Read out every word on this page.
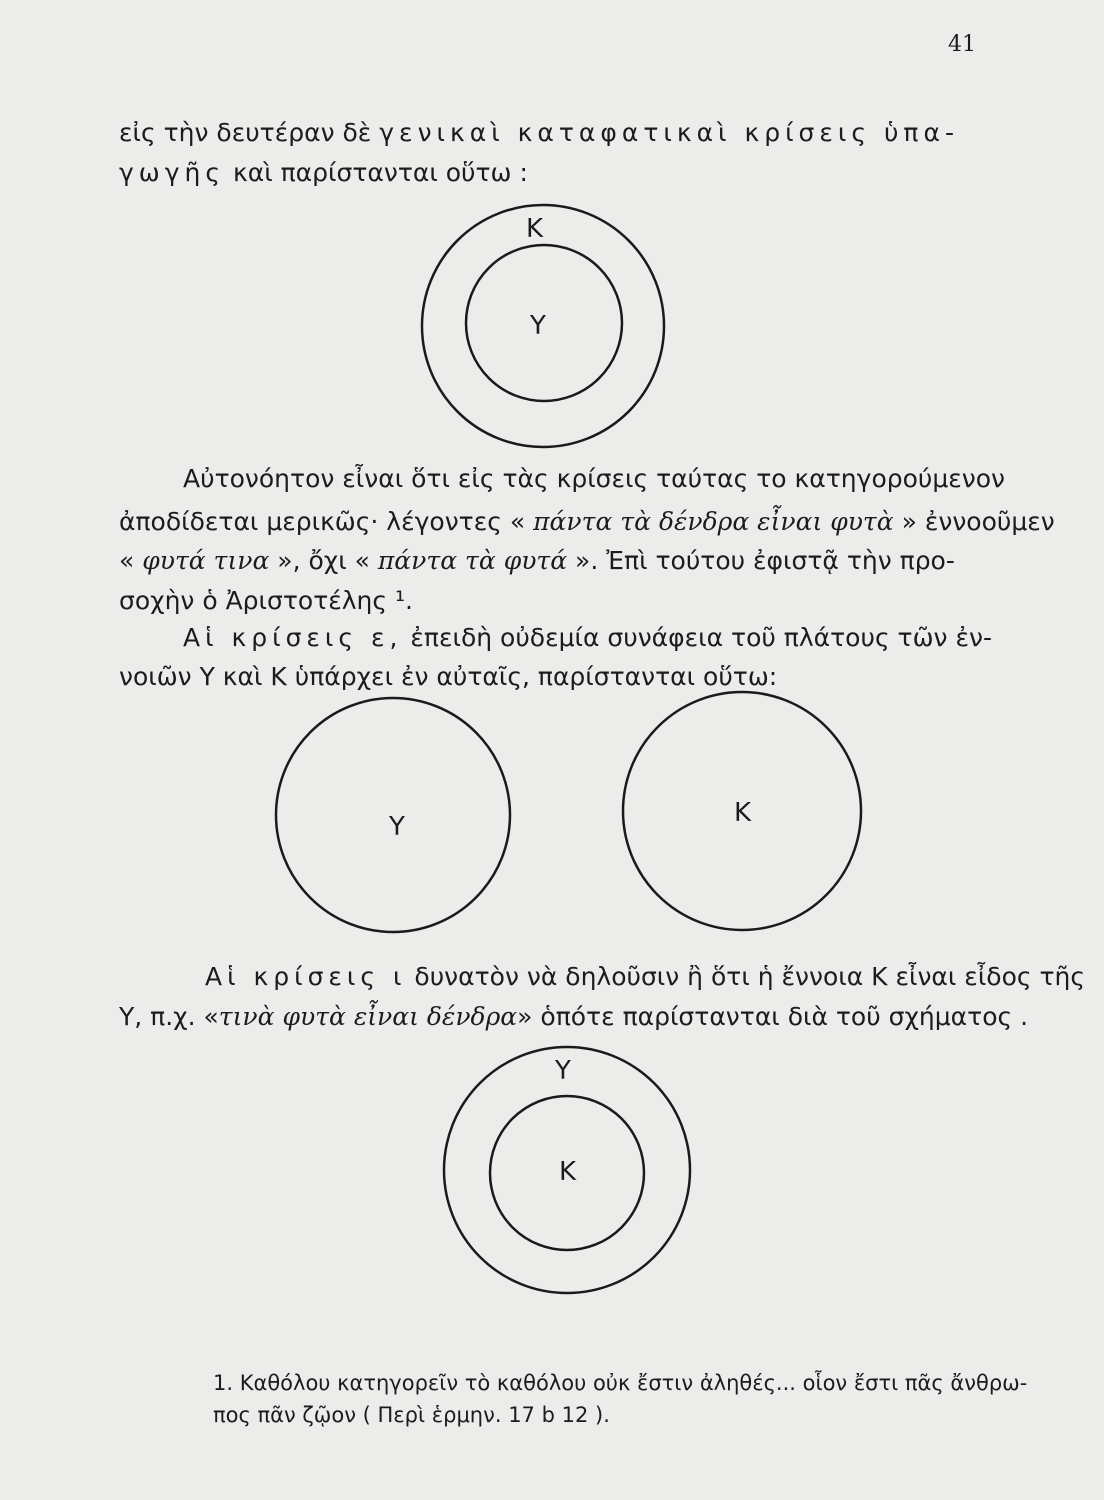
41
εἰς τὴν δευτέραν δὲ γενικαὶ καταφατικαὶ κρίσεις ὑπα-
γωγῆς καὶ παρίστανται οὕτω :
Αὐτονόητον εἶναι ὅτι εἰς τὰς κρίσεις ταύτας το κατηγορούμενον
ἀποδίδεται μερικῶς· λέγοντες « πάντα τὰ δένδρα εἶναι φυτὰ » ἐννοοῦμεν
« φυτά τινα », ὄχι « πάντα τὰ φυτά ». Ἐπὶ τούτου ἐφιστᾷ τὴν προ-
σοχὴν ὁ Ἀριστοτέλης ¹.
Αἱ κρίσεις ε, ἐπειδὴ οὐδεμία συνάφεια τοῦ πλάτους τῶν ἐν-
νοιῶν Υ καὶ Κ ὑπάρχει ἐν αὐταῖς, παρίστανται οὕτω:
Αἱ κρίσεις ι δυνατὸν νὰ δηλοῦσιν ἢ ὅτι ἡ ἔννοια Κ εἶναι εἶδος τῆς
Υ, π.χ. «τινὰ φυτὰ εἶναι δένδρα» ὁπότε παρίστανται διὰ τοῦ σχήματος .
1. Καθόλου κατηγορεῖν τὸ καθόλου οὐκ ἔστιν ἀληθές... οἷον ἔστι πᾶς ἄνθρω-
πος πᾶν ζῷον ( Περὶ ἑρμην. 17 b 12 ).
Κ
Υ
Υ	Κ
Υ
Κ
